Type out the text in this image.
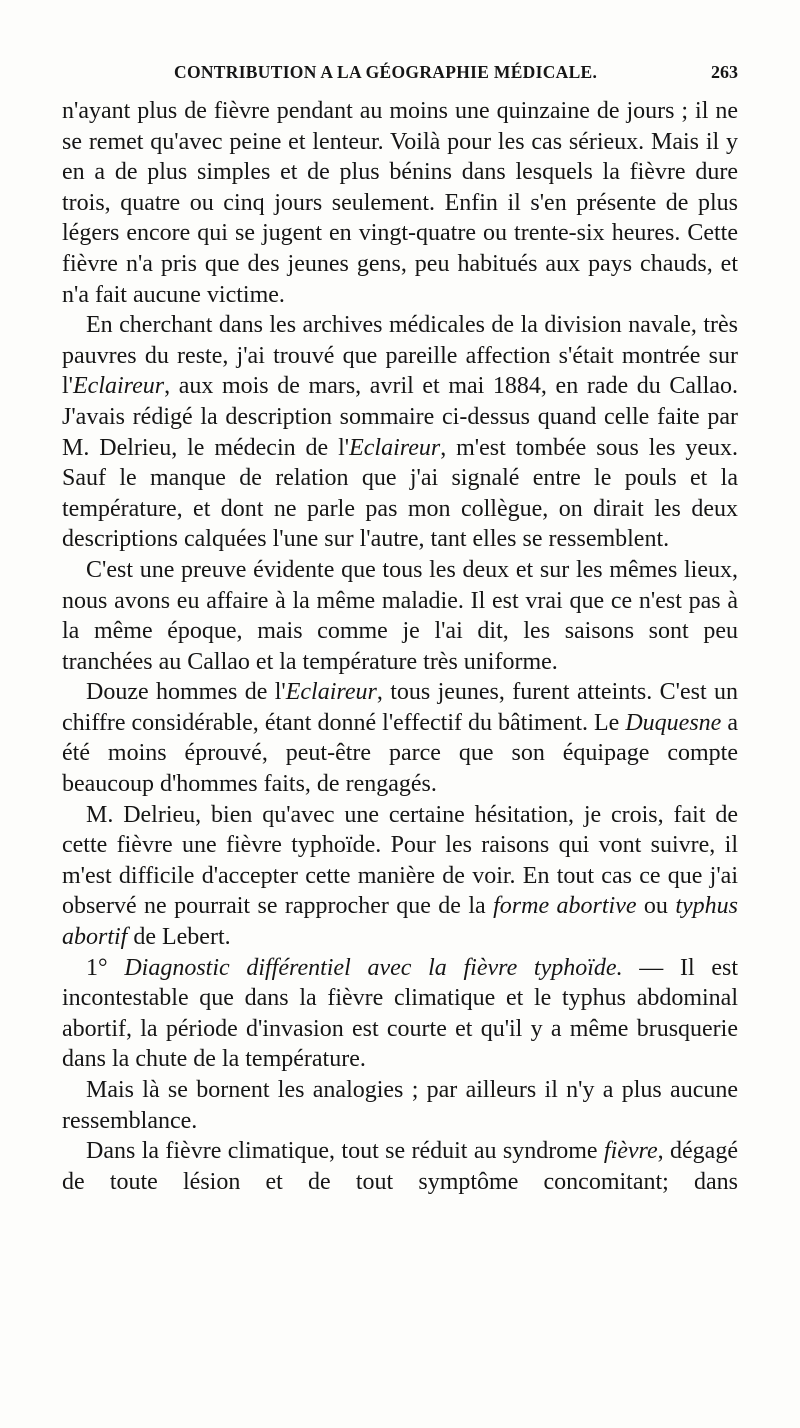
CONTRIBUTION A LA GÉOGRAPHIE MÉDICALE.	263

n'ayant plus de fièvre pendant au moins une quinzaine de jours ; il ne se remet qu'avec peine et lenteur. Voilà pour les cas sérieux. Mais il y en a de plus simples et de plus bénins dans lesquels la fièvre dure trois, quatre ou cinq jours seulement. Enfin il s'en présente de plus légers encore qui se jugent en vingt-quatre ou trente-six heures. Cette fièvre n'a pris que des jeunes gens, peu habitués aux pays chauds, et n'a fait aucune victime.

En cherchant dans les archives médicales de la division navale, très pauvres du reste, j'ai trouvé que pareille affection s'était montrée sur l'Eclaireur, aux mois de mars, avril et mai 1884, en rade du Callao. J'avais rédigé la description sommaire ci-dessus quand celle faite par M. Delrieu, le médecin de l'Eclaireur, m'est tombée sous les yeux. Sauf le manque de relation que j'ai signalé entre le pouls et la température, et dont ne parle pas mon collègue, on dirait les deux descriptions calquées l'une sur l'autre, tant elles se ressemblent.

C'est une preuve évidente que tous les deux et sur les mêmes lieux, nous avons eu affaire à la même maladie. Il est vrai que ce n'est pas à la même époque, mais comme je l'ai dit, les saisons sont peu tranchées au Callao et la température très uniforme.

Douze hommes de l'Eclaireur, tous jeunes, furent atteints. C'est un chiffre considérable, étant donné l'effectif du bâtiment. Le Duquesne a été moins éprouvé, peut-être parce que son équipage compte beaucoup d'hommes faits, de rengagés.

M. Delrieu, bien qu'avec une certaine hésitation, je crois, fait de cette fièvre une fièvre typhoïde. Pour les raisons qui vont suivre, il m'est difficile d'accepter cette manière de voir. En tout cas ce que j'ai observé ne pourrait se rapprocher que de la forme abortive ou typhus abortif de Lebert.

1° Diagnostic différentiel avec la fièvre typhoïde. — Il est incontestable que dans la fièvre climatique et le typhus abdominal abortif, la période d'invasion est courte et qu'il y a même brusquerie dans la chute de la température.

Mais là se bornent les analogies ; par ailleurs il n'y a plus aucune ressemblance.

Dans la fièvre climatique, tout se réduit au syndrome fièvre, dégagé de toute lésion et de tout symptôme concomitant; dans
